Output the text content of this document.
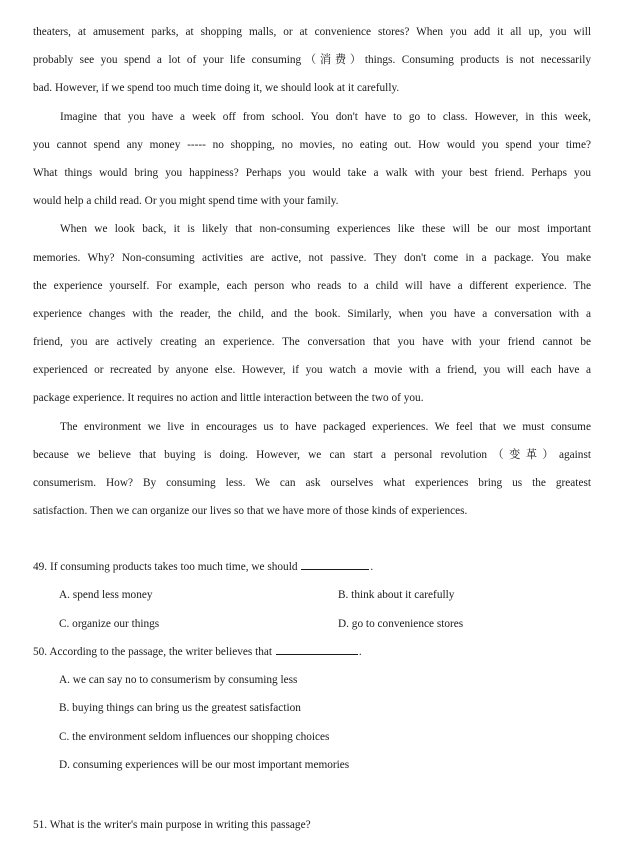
theaters, at amusement parks, at shopping malls, or at convenience stores? When you add it all up, you will
probably see you spend a lot of your life consuming（消费）things. Consuming products is not necessarily
bad. However, if we spend too much time doing it, we should look at it carefully.
Imagine that you have a week off from school. You don't have to go to class. However, in this week,
you cannot spend any money ----- no shopping, no movies, no eating out. How would you spend your time?
What things would bring you happiness? Perhaps you would take a walk with your best friend. Perhaps you
would help a child read. Or you might spend time with your family.
When we look back, it is likely that non-consuming experiences like these will be our most important
memories. Why? Non-consuming activities are active, not passive. They don't come in a package. You make
the experience yourself. For example, each person who reads to a child will have a different experience. The
experience changes with the reader, the child, and the book. Similarly, when you have a conversation with a
friend, you are actively creating an experience. The conversation that you have with your friend cannot be
experienced or recreated by anyone else. However, if you watch a movie with a friend, you will each have a
package experience. It requires no action and little interaction between the two of you.
The environment we live in encourages us to have packaged experiences. We feel that we must consume
because we believe that buying is doing. However, we can start a personal revolution（变革）against
consumerism. How? By consuming less. We can ask ourselves what experiences bring us the greatest
satisfaction. Then we can organize our lives so that we have more of those kinds of experiences.
49. If consuming products takes too much time, we should	.
A. spend less money	B. think about it carefully
C. organize our things	D. go to convenience stores
50. According to the passage, the writer believes that	.
A. we can say no to consumerism by consuming less
B. buying things can bring us the greatest satisfaction
C. the environment seldom influences our shopping choices
D. consuming experiences will be our most important memories
51. What is the writer's main purpose in writing this passage?
